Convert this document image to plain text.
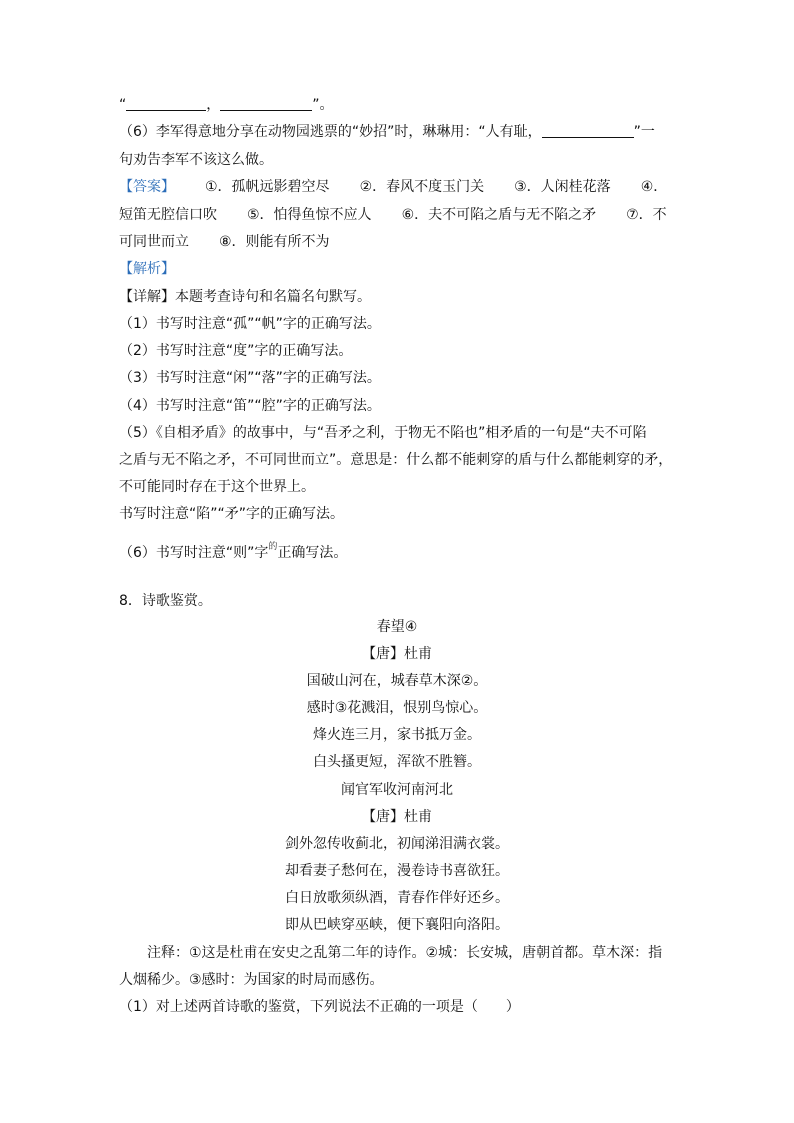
“	，	”。
（6）李军得意地分享在动物园逃票的“妙招”时，琳琳用：“人有耻，	”一
句劝告李军不该这么做。
【答案】 ①．孤帆远影碧空尽 ②．春风不度玉门关 ③．人闲桂花落 ④．
短笛无腔信口吹 ⑤．怕得鱼惊不应人 ⑥．夫不可陷之盾与无不陷之矛 ⑦．不
可同世而立 ⑧．则能有所不为
【解析】
【详解】本题考查诗句和名篇名句默写。
（1）书写时注意“孤”“帆”字的正确写法。
（2）书写时注意“度”字的正确写法。
（3）书写时注意“闲”“落”字的正确写法。
（4）书写时注意“笛”“腔”字的正确写法。
（5）《自相矛盾》的故事中，与“吾矛之利，于物无不陷也”相矛盾的一句是“夫不可陷
之盾与无不陷之矛，不可同世而立”。意思是：什么都不能刺穿的盾与什么都能刺穿的矛，
不可能同时存在于这个世界上。
书写时注意“陷”“矛”字的正确写法。
（6）书写时注意“则”字$^的$正确写法。
8．诗歌鉴赏。
春望④
【唐】杜甫
国破山河在，城春草木深②。
感时③花溅泪，恨别鸟惊心。
烽火连三月，家书抵万金。
白头搔更短，浑欲不胜簪。
闻官军收河南河北
【唐】杜甫
剑外忽传收蓟北，初闻涕泪满衣裳。
却看妻子愁何在，漫卷诗书喜欲狂。
白日放歌须纵酒，青春作伴好还乡。
即从巴峡穿巫峡，便下襄阳向洛阳。
注释：①这是杜甫在安史之乱第二年的诗作。②城：长安城，唐朝首都。草木深：指
人烟稀少。③感时：为国家的时局而感伤。
（1）对上述两首诗歌的鉴赏，下列说法不正确的一项是（　　）
